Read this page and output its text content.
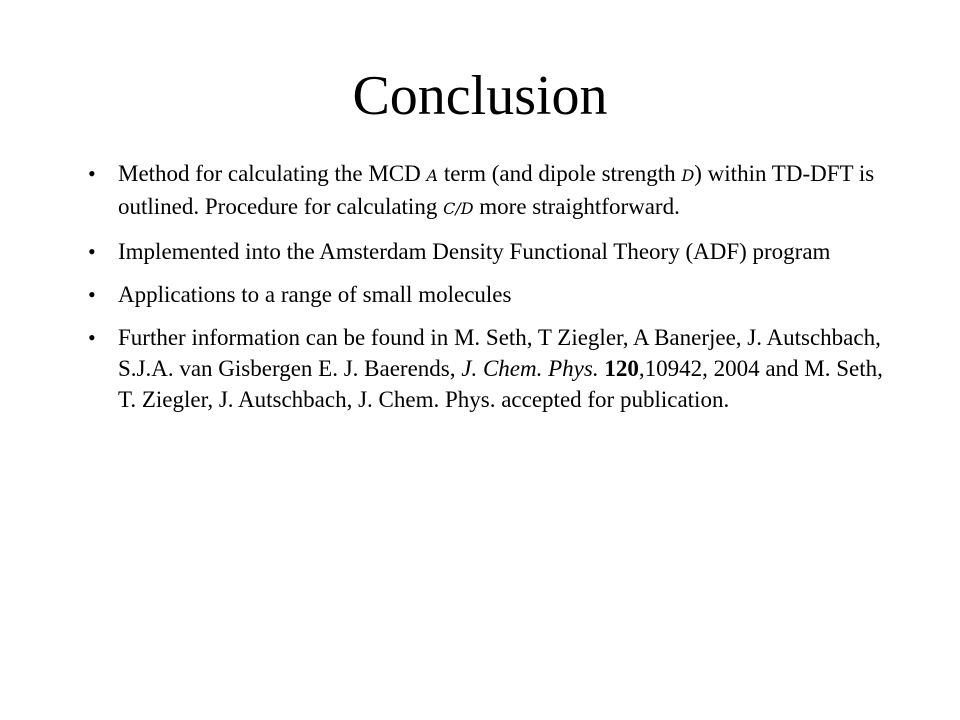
Conclusion
• Method for calculating the MCD A term (and dipole strength D) within TD-DFT is outlined. Procedure for calculating C/D more straightforward.
• Implemented into the Amsterdam Density Functional Theory (ADF) program
• Applications to a range of small molecules
• Further information can be found in M. Seth, T Ziegler, A Banerjee, J. Autschbach, S.J.A. van Gisbergen E. J. Baerends, J. Chem. Phys. 120,10942, 2004 and M. Seth, T. Ziegler, J. Autschbach, J. Chem. Phys. accepted for publication.
